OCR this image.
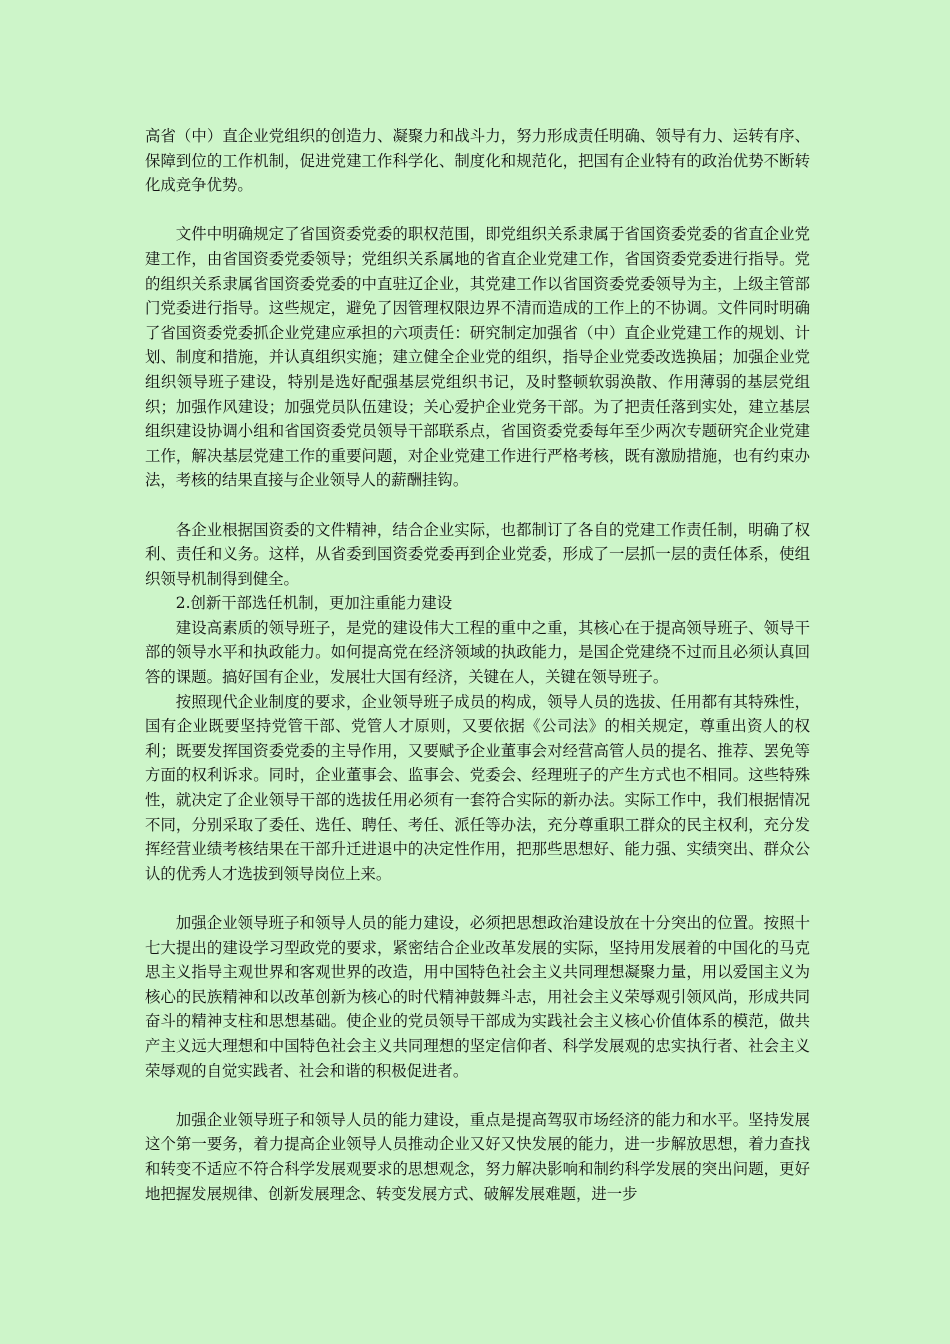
高省（中）直企业党组织的创造力、凝聚力和战斗力，努力形成责任明确、领导有力、运转有序、保障到位的工作机制，促进党建工作科学化、制度化和规范化，把国有企业特有的政治优势不断转化成竞争优势。

文件中明确规定了省国资委党委的职权范围，即党组织关系隶属于省国资委党委的省直企业党建工作，由省国资委党委领导；党组织关系属地的省直企业党建工作，省国资委党委进行指导。党的组织关系隶属省国资委党委的中直驻辽企业，其党建工作以省国资委党委领导为主，上级主管部门党委进行指导。这些规定，避免了因管理权限边界不清而造成的工作上的不协调。文件同时明确了省国资委党委抓企业党建应承担的六项责任：研究制定加强省（中）直企业党建工作的规划、计划、制度和措施，并认真组织实施；建立健全企业党的组织，指导企业党委改选换届；加强企业党组织领导班子建设，特别是选好配强基层党组织书记，及时整顿软弱涣散、作用薄弱的基层党组织；加强作风建设；加强党员队伍建设；关心爱护企业党务干部。为了把责任落到实处，建立基层组织建设协调小组和省国资委党员领导干部联系点，省国资委党委每年至少两次专题研究企业党建工作，解决基层党建工作的重要问题，对企业党建工作进行严格考核，既有激励措施，也有约束办法，考核的结果直接与企业领导人的薪酬挂钩。

各企业根据国资委的文件精神，结合企业实际，也都制订了各自的党建工作责任制，明确了权利、责任和义务。这样，从省委到国资委党委再到企业党委，形成了一层抓一层的责任体系，使组织领导机制得到健全。

2.创新干部选任机制，更加注重能力建设

建设高素质的领导班子，是党的建设伟大工程的重中之重，其核心在于提高领导班子、领导干部的领导水平和执政能力。如何提高党在经济领域的执政能力，是国企党建绕不过而且必须认真回答的课题。搞好国有企业，发展壮大国有经济，关键在人，关键在领导班子。

按照现代企业制度的要求，企业领导班子成员的构成，领导人员的选拔、任用都有其特殊性，国有企业既要坚持党管干部、党管人才原则，又要依据《公司法》的相关规定，尊重出资人的权利；既要发挥国资委党委的主导作用，又要赋予企业董事会对经营高管人员的提名、推荐、罢免等方面的权利诉求。同时，企业董事会、监事会、党委会、经理班子的产生方式也不相同。这些特殊性，就决定了企业领导干部的选拔任用必须有一套符合实际的新办法。实际工作中，我们根据情况不同，分别采取了委任、选任、聘任、考任、派任等办法，充分尊重职工群众的民主权利，充分发挥经营业绩考核结果在干部升迁进退中的决定性作用，把那些思想好、能力强、实绩突出、群众公认的优秀人才选拔到领导岗位上来。

加强企业领导班子和领导人员的能力建设，必须把思想政治建设放在十分突出的位置。按照十七大提出的建设学习型政党的要求，紧密结合企业改革发展的实际，坚持用发展着的中国化的马克思主义指导主观世界和客观世界的改造，用中国特色社会主义共同理想凝聚力量，用以爱国主义为核心的民族精神和以改革创新为核心的时代精神鼓舞斗志，用社会主义荣辱观引领风尚，形成共同奋斗的精神支柱和思想基础。使企业的党员领导干部成为实践社会主义核心价值体系的模范，做共产主义远大理想和中国特色社会主义共同理想的坚定信仰者、科学发展观的忠实执行者、社会主义荣辱观的自觉实践者、社会和谐的积极促进者。

加强企业领导班子和领导人员的能力建设，重点是提高驾驭市场经济的能力和水平。坚持发展这个第一要务，着力提高企业领导人员推动企业又好又快发展的能力，进一步解放思想，着力查找和转变不适应不符合科学发展观要求的思想观念，努力解决影响和制约科学发展的突出问题，更好地把握发展规律、创新发展理念、转变发展方式、破解发展难题，进一步
